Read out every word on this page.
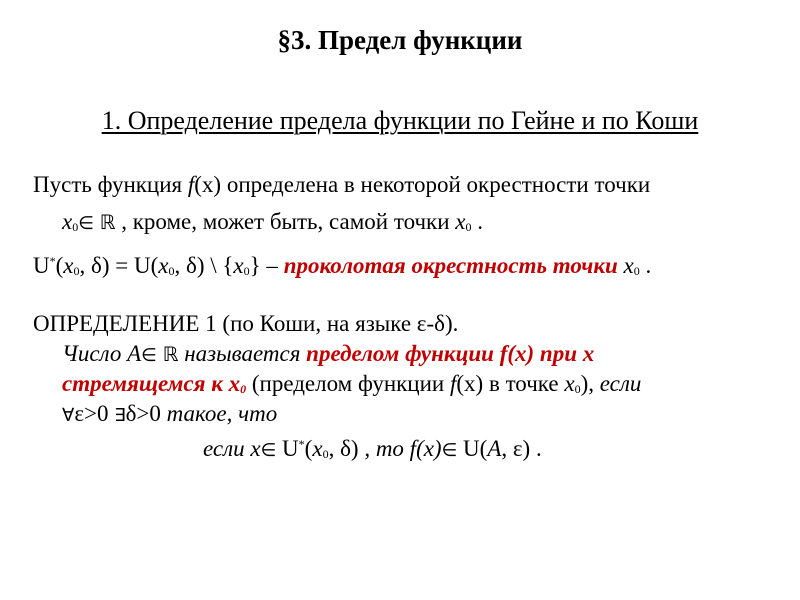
§3. Предел функции
1. Определение предела функции по Гейне и по Коши
Пусть функция f(x) определена в некоторой окрестности точки
x0∈ ℝ , кроме, может быть, самой точки x0 .
U*(x0, δ) = U(x0, δ) \ {x0} – проколотая окрестность точки x0 .
ОПРЕДЕЛЕНИЕ 1 (по Коши, на языке ε-δ).
Число A∈ ℝ называется пределом функции f(x) при x
стремящемся к x0 (пределом функции f(x) в точке x0), если
∀ε>0 ∃δ>0 такое, что
если x∈ U*(x0, δ) , то f(x)∈ U(A, ε) .
